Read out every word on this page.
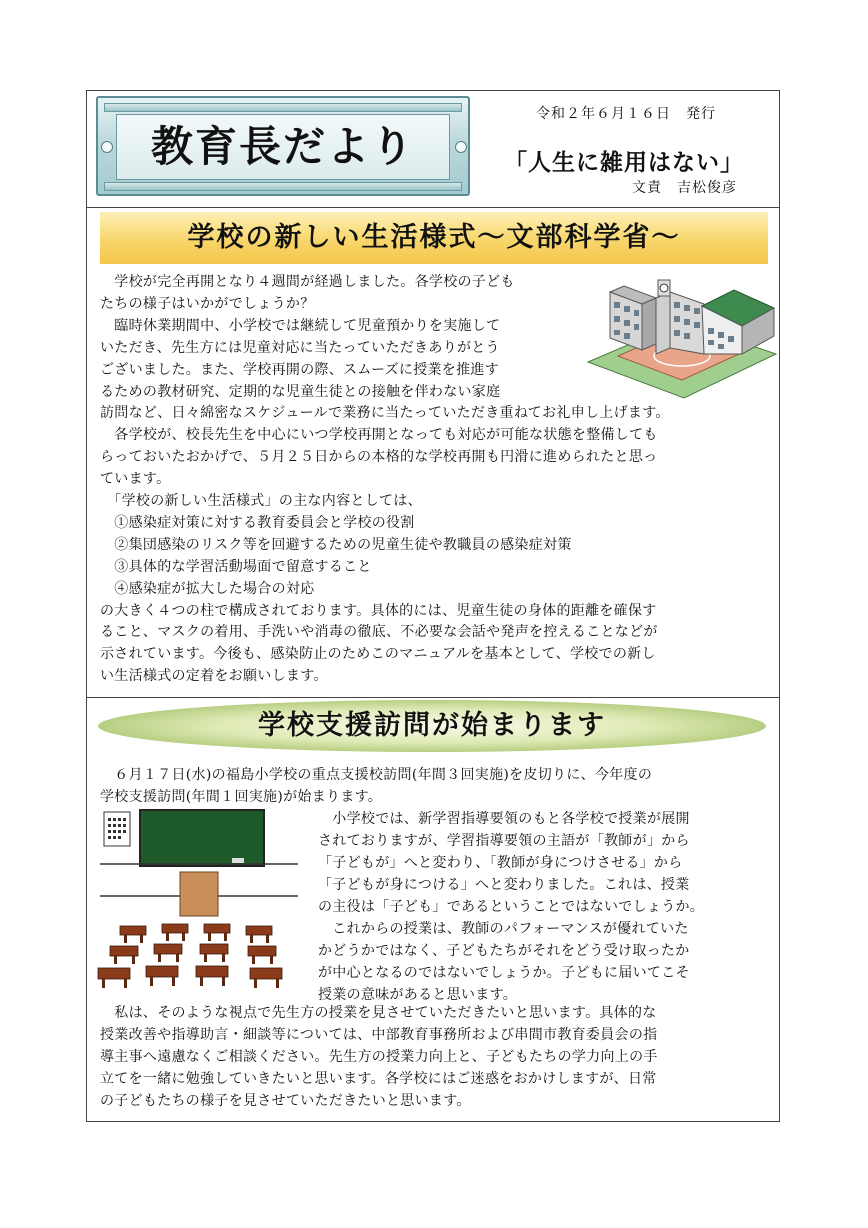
教育長だより
令和２年６月１６日　発行
「人生に雑用はない」
文責　吉松俊彦
学校の新しい生活様式～文部科学省～
　学校が完全再開となり４週間が経過しました。各学校の子ども
たちの様子はいかがでしょうか？
　臨時休業期間中、小学校では継続して児童預かりを実施して
いただき、先生方には児童対応に当たっていただきありがとう
ございました。また、学校再開の際、スムーズに授業を推進す
るための教材研究、定期的な児童生徒との接触を伴わない家庭
訪問など、日々綿密なスケジュールで業務に当たっていただき重ねてお礼申し上げます。
　各学校が、校長先生を中心にいつ学校再開となっても対応が可能な状態を整備しても
らっておいたおかげで、５月２５日からの本格的な学校再開も円滑に進められたと思っ
ています。
　「学校の新しい生活様式」の主な内容としては、
　①感染症対策に対する教育委員会と学校の役割
　②集団感染のリスク等を回避するための児童生徒や教職員の感染症対策
　③具体的な学習活動場面で留意すること
　④感染症が拡大した場合の対応
の大きく４つの柱で構成されております。具体的には、児童生徒の身体的距離を確保す
ること、マスクの着用、手洗いや消毒の徹底、不必要な会話や発声を控えることなどが
示されています。今後も、感染防止のためこのマニュアルを基本として、学校での新し
い生活様式の定着をお願いします。
学校支援訪問が始まります
　６月１７日(水)の福島小学校の重点支援校訪問(年間３回実施)を皮切りに、今年度の
学校支援訪問(年間１回実施)が始まります。
　小学校では、新学習指導要領のもと各学校で授業が展開
されておりますが、学習指導要領の主語が「教師が」から
「子どもが」へと変わり、「教師が身につけさせる」から
「子どもが身につける」へと変わりました。これは、授業
の主役は「子ども」であるということではないでしょうか。
　これからの授業は、教師のパフォーマンスが優れていた
かどうかではなく、子どもたちがそれをどう受け取ったか
が中心となるのではないでしょうか。子どもに届いてこそ
授業の意味があると思います。
　私は、そのような視点で先生方の授業を見させていただきたいと思います。具体的な
授業改善や指導助言・細談等については、中部教育事務所および串間市教育委員会の指
導主事へ遠慮なくご相談ください。先生方の授業力向上と、子どもたちの学力向上の手
立てを一緒に勉強していきたいと思います。各学校にはご迷惑をおかけしますが、日常
の子どもたちの様子を見させていただきたいと思います。
